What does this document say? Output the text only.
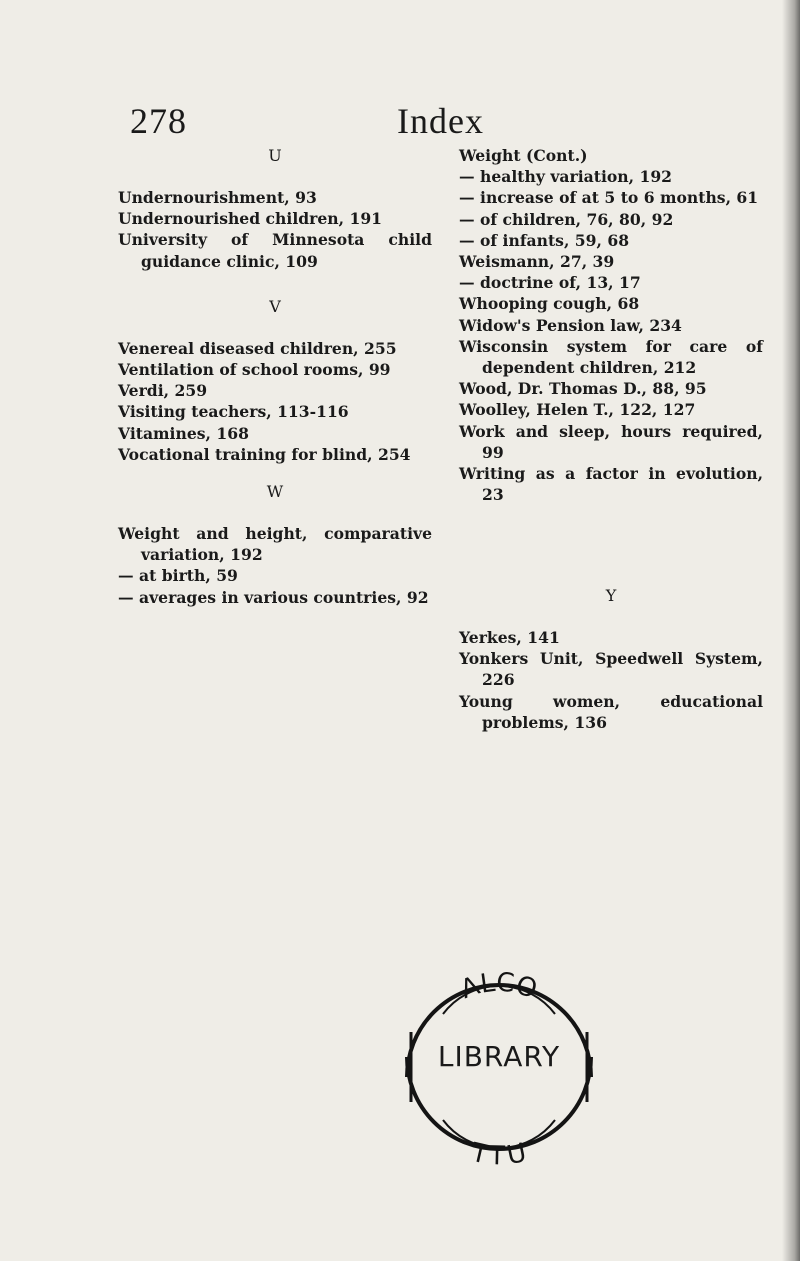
278	Index
U

Undernourishment, 93

Undernourished children, 191

University of Minnesota child guidance clinic, 109

V

Venereal diseased children, 255

Ventilation of school rooms, 99

Verdi, 259

Visiting teachers, 113-116

Vitamines, 168

Vocational training for blind, 254

W

Weight and height, comparative variation, 192

— at birth, 59

— averages in various countries, 92

Weight (Cont.)

— healthy variation, 192

— increase of at 5 to 6 months, 61

— of children, 76, 80, 92

— of infants, 59, 68

Weismann, 27, 39

— doctrine of, 13, 17

Whooping cough, 68

Widow's Pension law, 234

Wisconsin system for care of dependent children, 212

Wood, Dr. Thomas D., 88, 95

Woolley, Helen T., 122, 127

Work and sleep, hours required, 99

Writing as a factor in evolution, 23

Y

Yerkes, 141

Yonkers Unit, Speedwell System, 226

Young women, educational problems, 136

ALCO
TTU
LIBRARY
